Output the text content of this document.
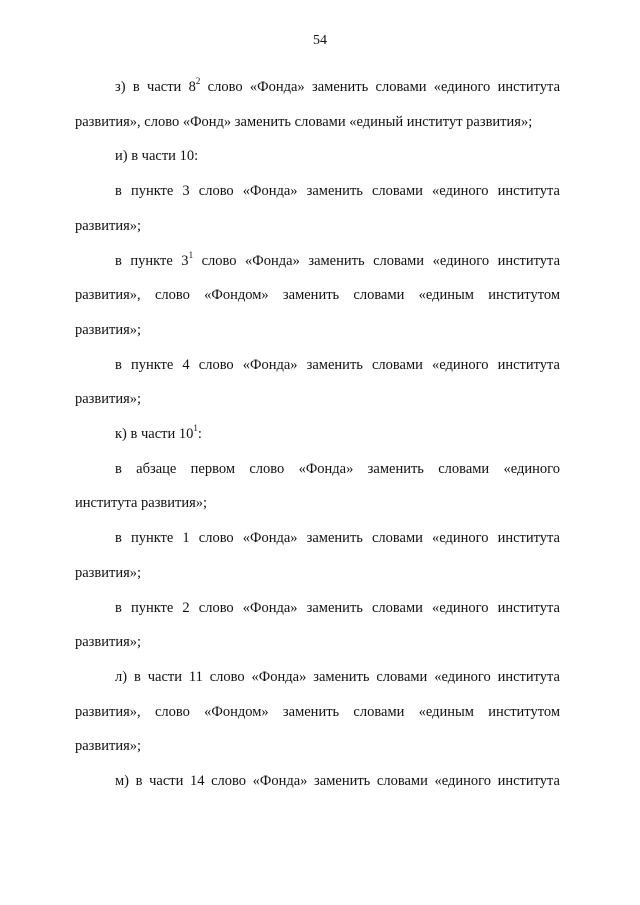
54
з) в части $8^2$ слово «Фонда» заменить словами «единого института
развития», слово «Фонд» заменить словами «единый институт развития»;
и) в части 10:
в пункте 3 слово «Фонда» заменить словами «единого института
развития»;
в пункте $3^1$ слово «Фонда» заменить словами «единого института
развития», слово «Фондом» заменить словами «единым институтом
развития»;
в пункте 4 слово «Фонда» заменить словами «единого института
развития»;
к) в части $10^1$:
в абзаце первом слово «Фонда» заменить словами «единого
института развития»;
в пункте 1 слово «Фонда» заменить словами «единого института
развития»;
в пункте 2 слово «Фонда» заменить словами «единого института
развития»;
л) в части 11 слово «Фонда» заменить словами «единого института
развития», слово «Фондом» заменить словами «единым институтом
развития»;
м) в части 14 слово «Фонда» заменить словами «единого института
